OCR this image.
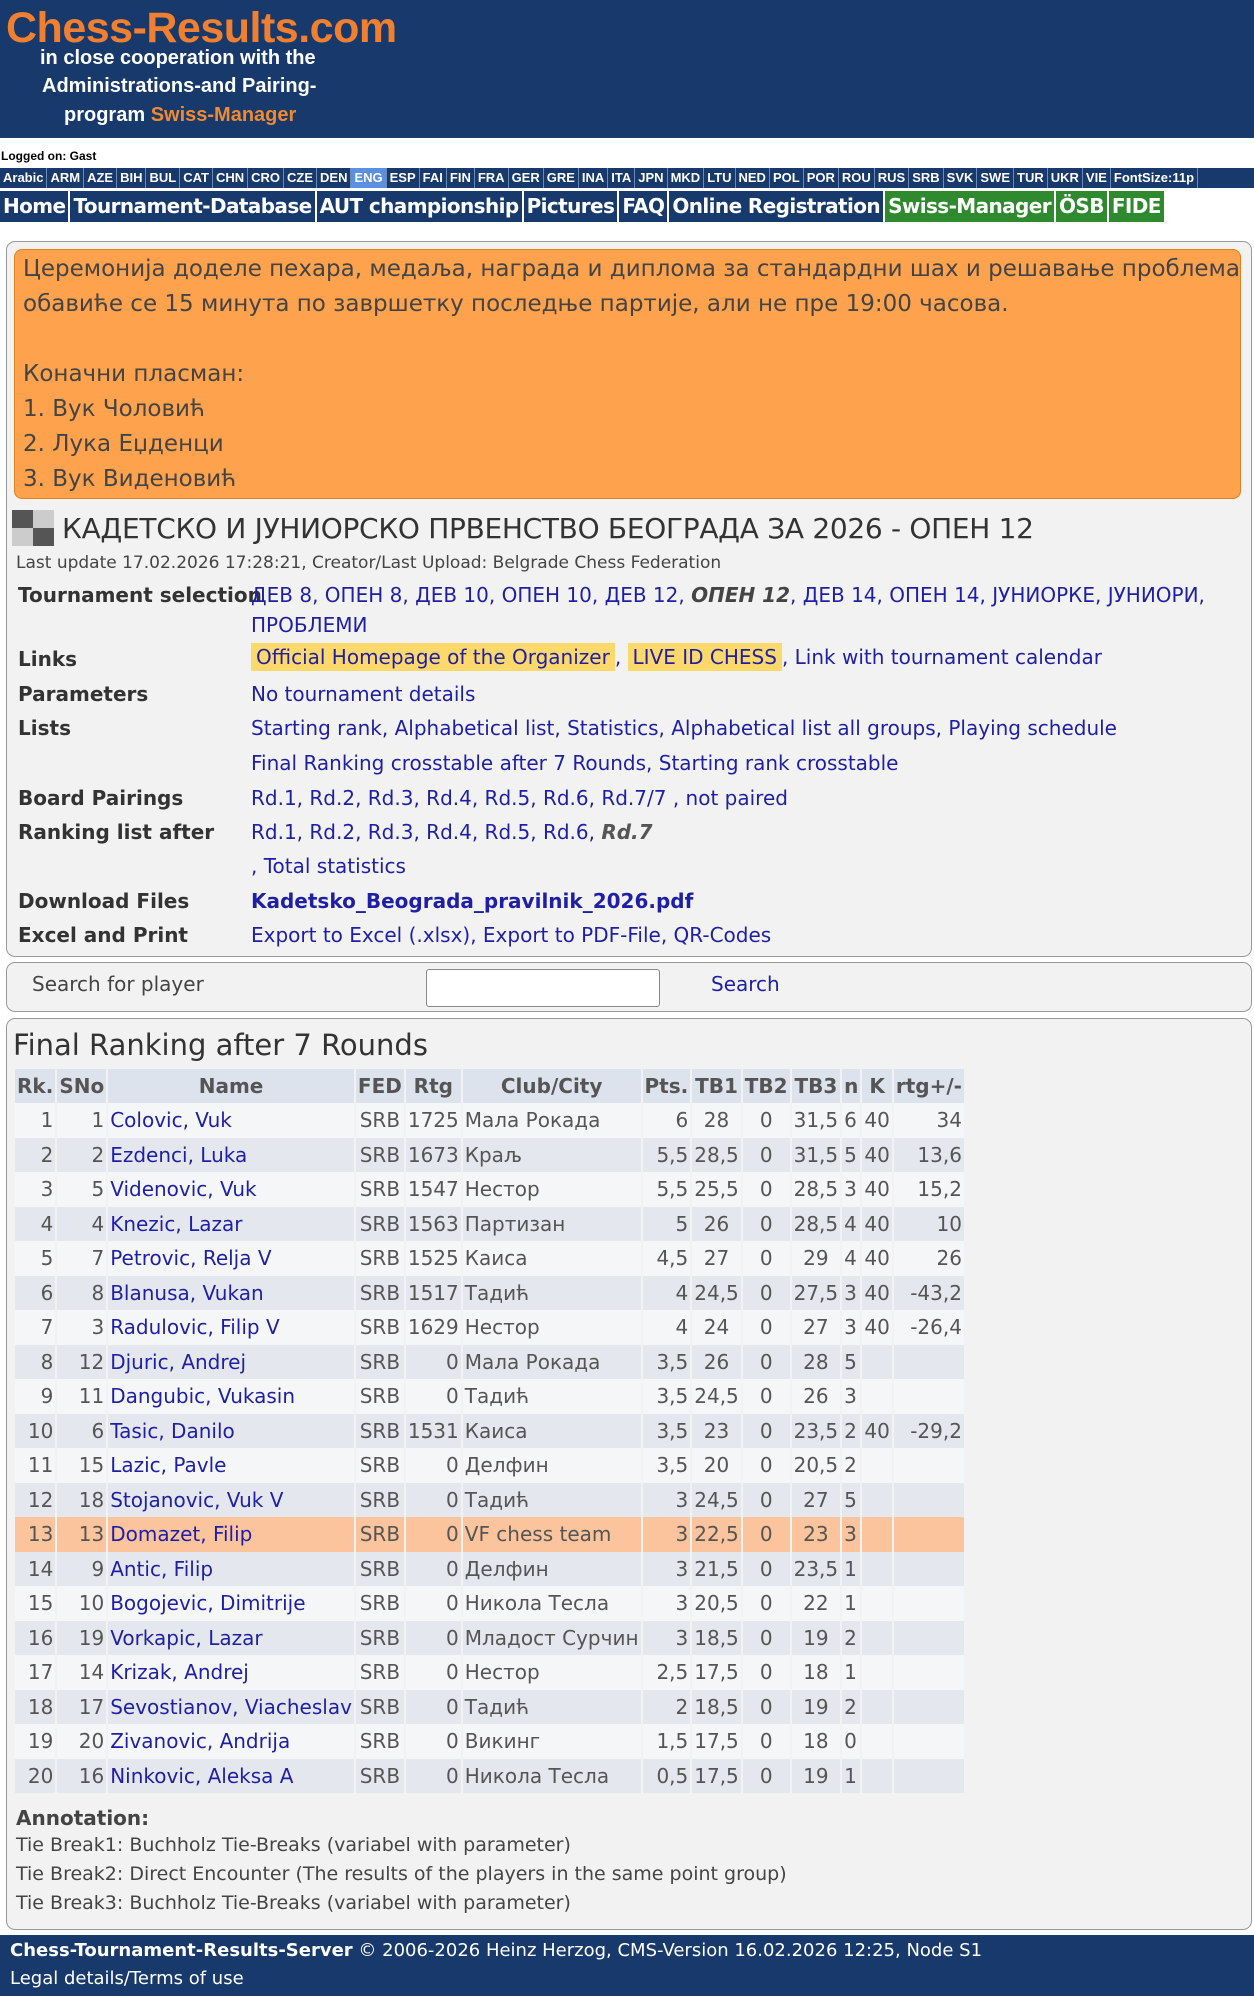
Chess-Results.com
in close cooperation with the
Administrations-and Pairing-
program Swiss-Manager
Logged on: Gast
Arabic ARM AZE BIH BUL CAT CHN CRO CZE DEN ENG ESP FAI FIN FRA GER GRE INA ITA JPN MKD LTU NED POL POR ROU RUS SRB SVK SWE TUR UKR VIE FontSize:11p
Home Tournament-Database AUT championship Pictures FAQ Online Registration Swiss-Manager ÖSB FIDE
Церемонија доделе пехара, медаља, награда и диплома за стандардни шах и решавање проблема
обавиће се 15 минута по завршетку последње партије, али не пре 19:00 часова.
Коначни пласман:
1. Вук Чоловић
2. Лука Еџденци
3. Вук Виденовић
КАДЕТСКО И ЈУНИОРСКО ПРВЕНСТВО БЕОГРАДА ЗА 2026 - ОПЕН 12
Last update 17.02.2026 17:28:21, Creator/Last Upload: Belgrade Chess Federation
Tournament selection
ДЕВ 8, ОПЕН 8, ДЕВ 10, ОПЕН 10, ДЕВ 12, ОПЕН 12, ДЕВ 14, ОПЕН 14, ЈУНИОРКЕ, ЈУНИОРИ,
ПРОБЛЕМИ
Links	Official Homepage of the Organizer , LIVE ID CHESS , Link with tournament calendar
Parameters	No tournament details
Lists	Starting rank, Alphabetical list, Statistics, Alphabetical list all groups, Playing schedule
Final Ranking crosstable after 7 Rounds, Starting rank crosstable
Board Pairings	Rd.1, Rd.2, Rd.3, Rd.4, Rd.5, Rd.6, Rd.7/7 , not paired
Ranking list after Rd.1, Rd.2, Rd.3, Rd.4, Rd.5, Rd.6, Rd.7
, Total statistics
Download Files	Kadetsko_Beograda_pravilnik_2026.pdf
Excel and Print	Export to Excel (.xlsx), Export to PDF-File, QR-Codes
Search for player	Search
Final Ranking after 7 Rounds
Rk.	SNo	Name	FED	Rtg	Club/City	Pts.	TB1	TB2	TB3	n	K	rtg+/-
1	1	Colovic, Vuk	SRB	1725	Мала Рокада	6	28	0	31,5	6	40	34
2	2	Ezdenci, Luka	SRB	1673	Краљ	5,5	28,5	0	31,5	5	40	13,6
3	5	Videnovic, Vuk	SRB	1547	Нестор	5,5	25,5	0	28,5	3	40	15,2
4	4	Knezic, Lazar	SRB	1563	Партизан	5	26	0	28,5	4	40	10
5	7	Petrovic, Relja V	SRB	1525	Каиса	4,5	27	0	29	4	40	26
6	8	Blanusa, Vukan	SRB	1517	Тадић	4	24,5	0	27,5	3	40	-43,2
7	3	Radulovic, Filip V	SRB	1629	Нестор	4	24	0	27	3	40	-26,4
8	12	Djuric, Andrej	SRB	0	Мала Рокада	3,5	26	0	28	5		
9	11	Dangubic, Vukasin	SRB	0	Тадић	3,5	24,5	0	26	3		
10	6	Tasic, Danilo	SRB	1531	Каиса	3,5	23	0	23,5	2	40	-29,2
11	15	Lazic, Pavle	SRB	0	Делфин	3,5	20	0	20,5	2		
12	18	Stojanovic, Vuk V	SRB	0	Тадић	3	24,5	0	27	5		
13	13	Domazet, Filip	SRB	0	VF chess team	3	22,5	0	23	3		
14	9	Antic, Filip	SRB	0	Делфин	3	21,5	0	23,5	1		
15	10	Bogojevic, Dimitrije	SRB	0	Никола Тесла	3	20,5	0	22	1		
16	19	Vorkapic, Lazar	SRB	0	Младост Сурчин	3	18,5	0	19	2		
17	14	Krizak, Andrej	SRB	0	Нестор	2,5	17,5	0	18	1		
18	17	Sevostianov, Viacheslav	SRB	0	Тадић	2	18,5	0	19	2		
19	20	Zivanovic, Andrija	SRB	0	Викинг	1,5	17,5	0	18	0		
20	16	Ninkovic, Aleksa A	SRB	0	Никола Тесла	0,5	17,5	0	19	1		
Annotation:
Tie Break1: Buchholz Tie-Breaks (variabel with parameter)
Tie Break2: Direct Encounter (The results of the players in the same point group)
Tie Break3: Buchholz Tie-Breaks (variabel with parameter)
Chess-Tournament-Results-Server © 2006-2026 Heinz Herzog, CMS-Version 16.02.2026 12:25, Node S1
Legal details/Terms of use
